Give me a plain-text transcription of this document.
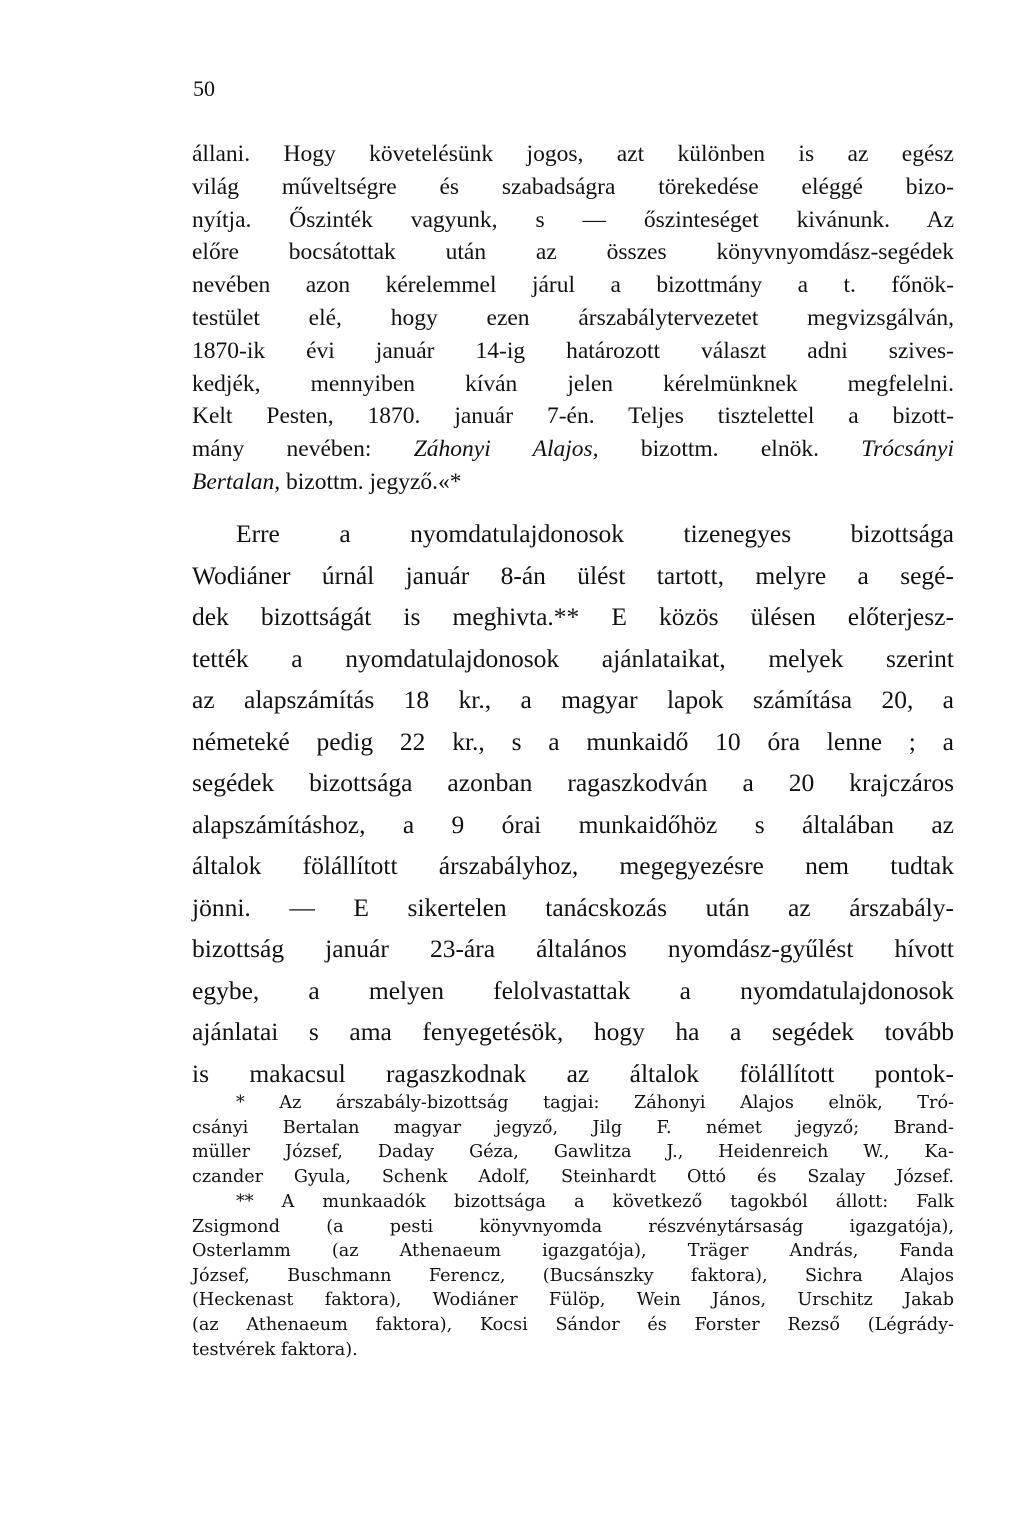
50
állani. Hogy követelésünk jogos, azt különben is az egész
világ műveltségre és szabadságra törekedése eléggé bizo-
nyítja. Őszinték vagyunk, s — őszinteséget kivánunk. Az
előre bocsátottak után az összes könyvnyomdász-segédek
nevében azon kérelemmel járul a bizottmány a t. főnök-
testület elé, hogy ezen árszabálytervezetet megvizsgálván,
1870-ik évi január 14-ig határozott választ adni szives-
kedjék, mennyiben kíván jelen kérelmünknek megfelelni.
Kelt Pesten, 1870. január 7-én. Teljes tisztelettel a bizott-
mány nevében: Záhonyi Alajos, bizottm. elnök. Trócsányi
Bertalan, bizottm. jegyző.«*
Erre a nyomdatulajdonosok tizenegyes bizottsága
Wodiáner úrnál január 8-án ülést tartott, melyre a segé-
dek bizottságát is meghivta.** E közös ülésen előterjesz-
tették a nyomdatulajdonosok ajánlataikat, melyek szerint
az alapszámítás 18 kr., a magyar lapok számítása 20, a
németeké pedig 22 kr., s a munkaidő 10 óra lenne ; a
segédek bizottsága azonban ragaszkodván a 20 krajczáros
alapszámításhoz, a 9 órai munkaidőhöz s általában az
általok fölállított árszabályhoz, megegyezésre nem tudtak
jönni. — E sikertelen tanácskozás után az árszabály-
bizottság január 23-ára általános nyomdász-gyűlést hívott
egybe, a melyen felolvastattak a nyomdatulajdonosok
ajánlatai s ama fenyegetésök, hogy ha a segédek tovább
is makacsul ragaszkodnak az általok fölállított pontok-
* Az árszabály-bizottság tagjai: Záhonyi Alajos elnök, Tró-
csányi Bertalan magyar jegyző, Jilg F. német jegyző; Brand-
müller József, Daday Géza, Gawlitza J., Heidenreich W., Ka-
czander Gyula, Schenk Adolf, Steinhardt Ottó és Szalay József.
** A munkaadók bizottsága a következő tagokból állott: Falk
Zsigmond (a pesti könyvnyomda részvénytársaság igazgatója),
Osterlamm (az Athenaeum igazgatója), Träger András, Fanda
József, Buschmann Ferencz, (Bucsánszky faktora), Sichra Alajos
(Heckenast faktora), Wodiáner Fülöp, Wein János, Urschitz Jakab
(az Athenaeum faktora), Kocsi Sándor és Forster Rezső (Légrády-
testvérek faktora).
